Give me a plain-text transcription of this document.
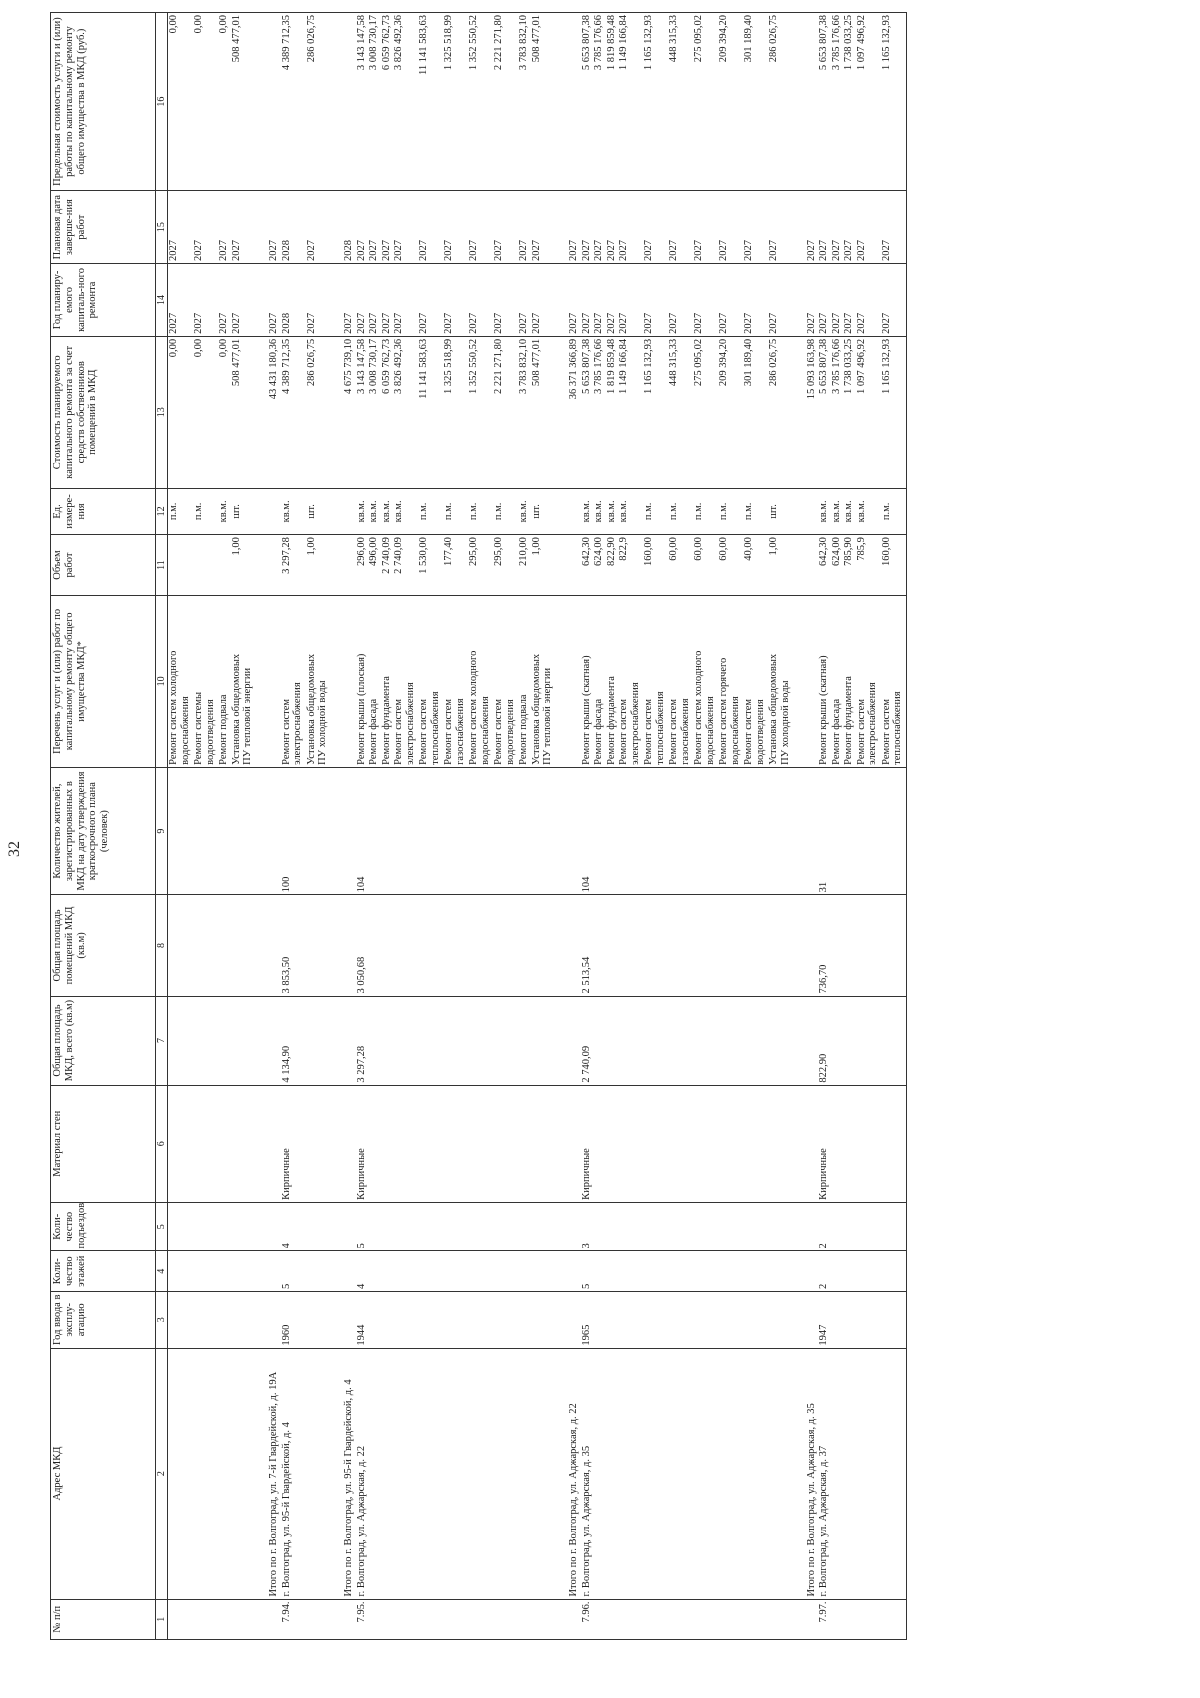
32
№ п/п	Адрес МКД	Год ввода в эксплу-атацию	Коли-чество этажей	Коли-чество подъездов	Материал стен	Общая площадь МКД, всего (кв.м)	Общая площадь помещений МКД (кв.м)	Количество жителей, зарегистрированных в МКД на дату утверждения краткосрочного плана (человек)	Перечень услуг и (или) работ по капитальному ремонту общего имущества МКД*	Объем работ	Ед. измере-ния	Стоимость планируемого капитального ремонта за счет средств собственников помещений в МКД	Год планиру-емого капиталь-ного ремонта	Плановая дата заверше-ния работ	Предельная стоимость услуги и (или) работы по капитальному ремонту общего имущества в МКД (руб.)
1	2	3	4	5	6	7	8	9	10	11	12	13	14	15	16

									Ремонт систем холодного
водоснабжения		п.м.	0,00	2027	2027	0,00

									Ремонт системы
водоотведения		п.м.	0,00	2027	2027	0,00

									Ремонт подвала		кв.м.	0,00	2027	2027	0,00

									Установка общедомовых
ПУ тепловой энергии	1,00	шт.	508 477,01	2027	2027	508 477,01

	Итого по г. Волгоград, ул. 7-й Гвардейской, д. 19А											43 431 180,36	2027	2027	

7.94.	г. Волгоград, ул. 95-й Гвардейской, д. 4	1960	5	4	Кирпичные	4 134,90	3 853,50	100	Ремонт систем
электроснабжения	3 297,28	кв.м.	4 389 712,35	2028	2028	4 389 712,35

									Установка общедомовых
ПУ холодной воды	1,00	шт.	286 026,75	2027	2027	286 026,75

	Итого по г. Волгоград, ул. 95-й Гвардейской, д. 4											4 675 739,10	2027	2028	

7.95.	г. Волгоград, ул. Аджарская, д. 22	1944	4	5	Кирпичные	3 297,28	3 050,68	104	Ремонт крыши (плоская)	296,00	кв.м.	3 143 147,58	2027	2027	3 143 147,58

									Ремонт фасада	496,00	кв.м.	3 008 730,17	2027	2027	3 008 730,17

									Ремонт фундамента	2 740,09	кв.м.	6 059 762,73	2027	2027	6 059 762,73

									Ремонт систем
электроснабжения	2 740,09	кв.м.	3 826 492,36	2027	2027	3 826 492,36

									Ремонт систем
теплоснабжения	1 530,00	п.м.	11 141 583,63	2027	2027	11 141 583,63

									Ремонт систем
газоснабжения	177,40	п.м.	1 325 518,99	2027	2027	1 325 518,99

									Ремонт систем холодного
водоснабжения	295,00	п.м.	1 352 550,52	2027	2027	1 352 550,52

									Ремонт систем
водоотведения	295,00	п.м.	2 221 271,80	2027	2027	2 221 271,80

									Ремонт подвала	210,00	кв.м.	3 783 832,10	2027	2027	3 783 832,10

									Установка общедомовых
ПУ тепловой энергии	1,00	шт.	508 477,01	2027	2027	508 477,01

	Итого по г. Волгоград, ул. Аджарская, д. 22											36 371 366,89	2027	2027	

7.96.	г. Волгоград, ул. Аджарская, д. 35	1965	5	3	Кирпичные	2 740,09	2 513,54	104	Ремонт крыши (скатная)	642,30	кв.м.	5 653 807,38	2027	2027	5 653 807,38

									Ремонт фасада	624,00	кв.м.	3 785 176,66	2027	2027	3 785 176,66

									Ремонт фундамента	822,90	кв.м.	1 819 859,48	2027	2027	1 819 859,48

									Ремонт систем
электроснабжения	822,9	кв.м.	1 149 166,84	2027	2027	1 149 166,84

									Ремонт систем
теплоснабжения	160,00	п.м.	1 165 132,93	2027	2027	1 165 132,93

									Ремонт систем
газоснабжения	60,00	п.м.	448 315,33	2027	2027	448 315,33

									Ремонт систем холодного
водоснабжения	60,00	п.м.	275 095,02	2027	2027	275 095,02

									Ремонт систем горячего
водоснабжения	60,00	п.м.	209 394,20	2027	2027	209 394,20

									Ремонт систем
водоотведения	40,00	п.м.	301 189,40	2027	2027	301 189,40

									Установка общедомовых
ПУ холодной воды	1,00	шт.	286 026,75	2027	2027	286 026,75

	Итого по г. Волгоград, ул. Аджарская, д. 35											15 093 163,98	2027	2027	

7.97.	г. Волгоград, ул. Аджарская, д. 37	1947	2	2	Кирпичные	822,90	736,70	31	Ремонт крыши (скатная)	642,30	кв.м.	5 653 807,38	2027	2027	5 653 807,38

									Ремонт фасада	624,00	кв.м.	3 785 176,66	2027	2027	3 785 176,66

									Ремонт фундамента	785,90	кв.м.	1 738 033,25	2027	2027	1 738 033,25

									Ремонт систем
электроснабжения	785,9	кв.м.	1 097 496,92	2027	2027	1 097 496,92

									Ремонт систем
теплоснабжения	160,00	п.м.	1 165 132,93	2027	2027	1 165 132,93
